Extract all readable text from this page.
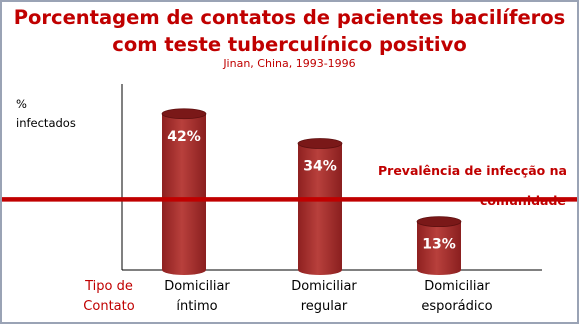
Porcentagem de contatos de pacientes bacilíferos
com teste tuberculínico positivo
Jinan, China, 1993-1996
%
infectados
42%
34%
13%
Prevalência de infecção na
comunidade
Tipo de
Contato
Domiciliar
íntimo
Domiciliar
regular
Domiciliar
esporádico
